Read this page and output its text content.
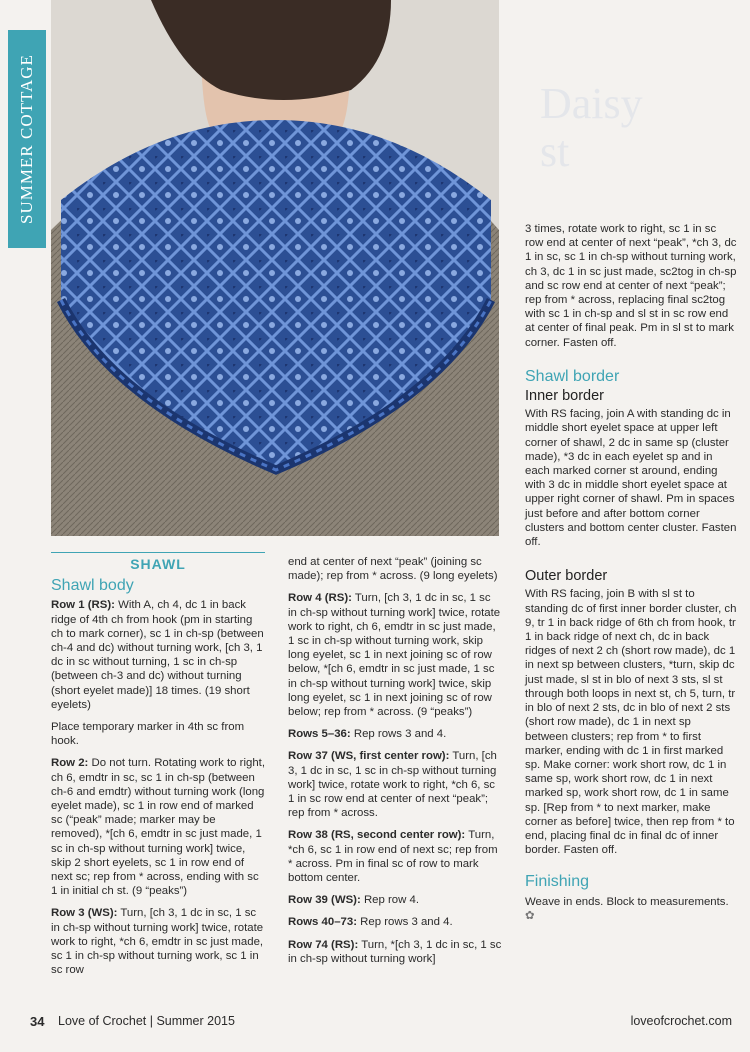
SUMMER COTTAGE	Daisy
st
SHAWL
Shawl body

Row 1 (RS): With A, ch 4, dc 1 in back ridge of 4th ch from hook (pm in starting ch to mark corner), sc 1 in ch-sp (between ch-4 and dc) without turning work, [ch 3, 1 dc in sc without turning, 1 sc in ch-sp (between ch-3 and dc) without turning (short eyelet made)] 18 times. (19 short eyelets)

Place temporary marker in 4th sc from hook.

Row 2: Do not turn. Rotating work to right, ch 6, emdtr in sc, sc 1 in ch-sp (between ch-6 and emdtr) without turning work (long eyelet made), sc 1 in row end of marked sc (“peak” made; marker may be removed), *[ch 6, emdtr in sc just made, 1 sc in ch-sp without turning work] twice, skip 2 short eyelets, sc 1 in row end of next sc; rep from * across, ending with sc 1 in initial ch st. (9 “peaks”)

Row 3 (WS): Turn, [ch 3, 1 dc in sc, 1 sc in ch-sp without turning work] twice, rotate work to right, *ch 6, emdtr in sc just made, sc 1 in ch-sp without turning work, sc 1 in sc row

end at center of next “peak” (joining sc made); rep from * across. (9 long eyelets)

Row 4 (RS): Turn, [ch 3, 1 dc in sc, 1 sc in ch-sp without turning work] twice, rotate work to right, ch 6, emdtr in sc just made, 1 sc in ch-sp without turning work, skip long eyelet, sc 1 in next joining sc of row below, *[ch 6, emdtr in sc just made, 1 sc in ch-sp without turning work] twice, skip long eyelet, sc 1 in next joining sc of row below; rep from * across. (9 “peaks”)

Rows 5–36: Rep rows 3 and 4.

Row 37 (WS, first center row): Turn, [ch 3, 1 dc in sc, 1 sc in ch-sp without turning work] twice, rotate work to right, *ch 6, sc 1 in sc row end at center of next “peak”; rep from * across.

Row 38 (RS, second center row): Turn, *ch 6, sc 1 in row end of next sc; rep from * across. Pm in final sc of row to mark bottom center.

Row 39 (WS): Rep row 4.

Rows 40–73: Rep rows 3 and 4.

Row 74 (RS): Turn, *[ch 3, 1 dc in sc, 1 sc in ch-sp without turning work]

3 times, rotate work to right, sc 1 in sc row end at center of next “peak”, *ch 3, dc 1 in sc, sc 1 in ch-sp without turning work, ch 3, dc 1 in sc just made, sc2tog in ch-sp and sc row end at center of next “peak”; rep from * across, replacing final sc2tog with sc 1 in ch-sp and sl st in sc row end at center of final peak. Pm in sl st to mark corner. Fasten off.

Shawl border
Inner border

With RS facing, join A with standing dc in middle short eyelet space at upper left corner of shawl, 2 dc in same sp (cluster made), *3 dc in each eyelet sp and in each marked corner st around, ending with 3 dc in middle short eyelet space at upper right corner of shawl. Pm in spaces just before and after bottom corner clusters and bottom center cluster. Fasten off.

Outer border

With RS facing, join B with sl st to standing dc of first inner border cluster, ch 9, tr 1 in back ridge of 6th ch from hook, tr 1 in back ridge of next ch, dc in back ridges of next 2 ch (short row made), dc 1 in next sp between clusters, *turn, skip dc just made, sl st in blo of next 3 sts, sl st through both loops in next st, ch 5, turn, tr in blo of next 2 sts, dc in blo of next 2 sts (short row made), dc 1 in next sp between clusters; rep from * to first marker, ending with dc 1 in first marked sp. Make corner: work short row, dc 1 in same sp, work short row, dc 1 in next marked sp, work short row, dc 1 in same sp. [Rep from * to next marker, make corner as before] twice, then rep from * to end, placing final dc in final dc of inner border. Fasten off.

Finishing

Weave in ends. Block to measurements. ✿

34 Love of Crochet | Summer 2015	loveofcrochet.com
